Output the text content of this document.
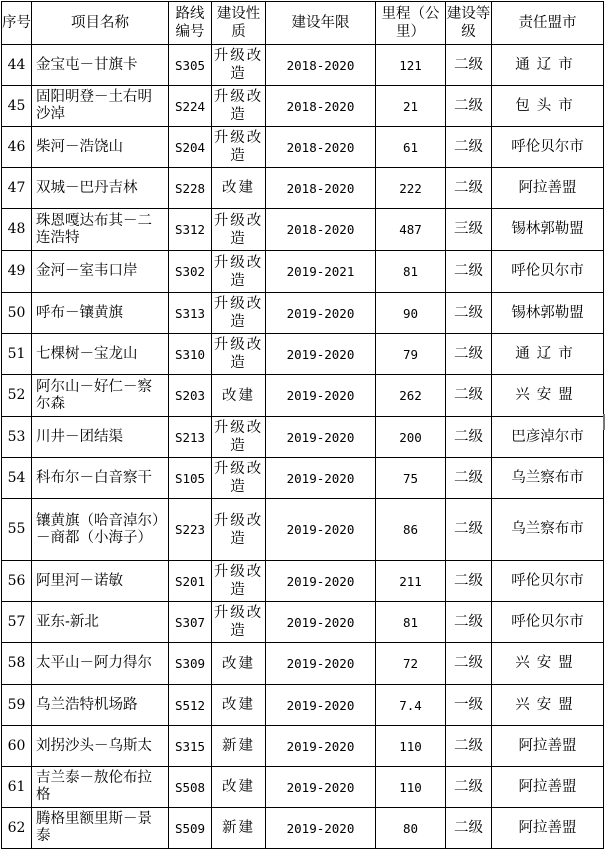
序号	项目名称	路线编号	建设性质	建设年限	里程（公里）	建设等级	责任盟市
44	金宝屯－甘旗卡	S305	升级改造	2018-2020	121	二级	通辽市
45	固阳明登－土右明沙淖	S224	升级改造	2018-2020	21	二级	包头市
46	柴河－浩饶山	S204	升级改造	2018-2020	61	二级	呼伦贝尔市
47	双城－巴丹吉林	S228	改建	2018-2020	222	二级	阿拉善盟
48	珠恩嘎达布其－二连浩特	S312	升级改造	2018-2020	487	三级	锡林郭勒盟
49	金河－室韦口岸	S302	升级改造	2019-2021	81	二级	呼伦贝尔市
50	呼布－镶黄旗	S313	升级改造	2019-2020	90	二级	锡林郭勒盟
51	七棵树－宝龙山	S310	升级改造	2019-2020	79	二级	通辽市
52	阿尔山－好仁－察尔森	S203	改建	2019-2020	262	二级	兴安盟
53	川井－团结渠	S213	升级改造	2019-2020	200	二级	巴彦淖尔市
54	科布尔－白音察干	S105	升级改造	2019-2020	75	二级	乌兰察布市
55	镶黄旗（哈音淖尔）－商都（小海子）	S223	升级改造	2019-2020	86	二级	乌兰察布市
56	阿里河－诺敏	S201	升级改造	2019-2020	211	二级	呼伦贝尔市
57	亚东-新北	S307	升级改造	2019-2020	81	二级	呼伦贝尔市
58	太平山－阿力得尔	S309	改建	2019-2020	72	二级	兴安盟
59	乌兰浩特机场路	S512	改建	2019-2020	7.4	一级	兴安盟
60	刘拐沙头－乌斯太	S315	新建	2019-2020	110	二级	阿拉善盟
61	吉兰泰－敖伦布拉格	S508	改建	2019-2020	110	二级	阿拉善盟
62	腾格里额里斯－景泰	S509	新建	2019-2020	80	二级	阿拉善盟
